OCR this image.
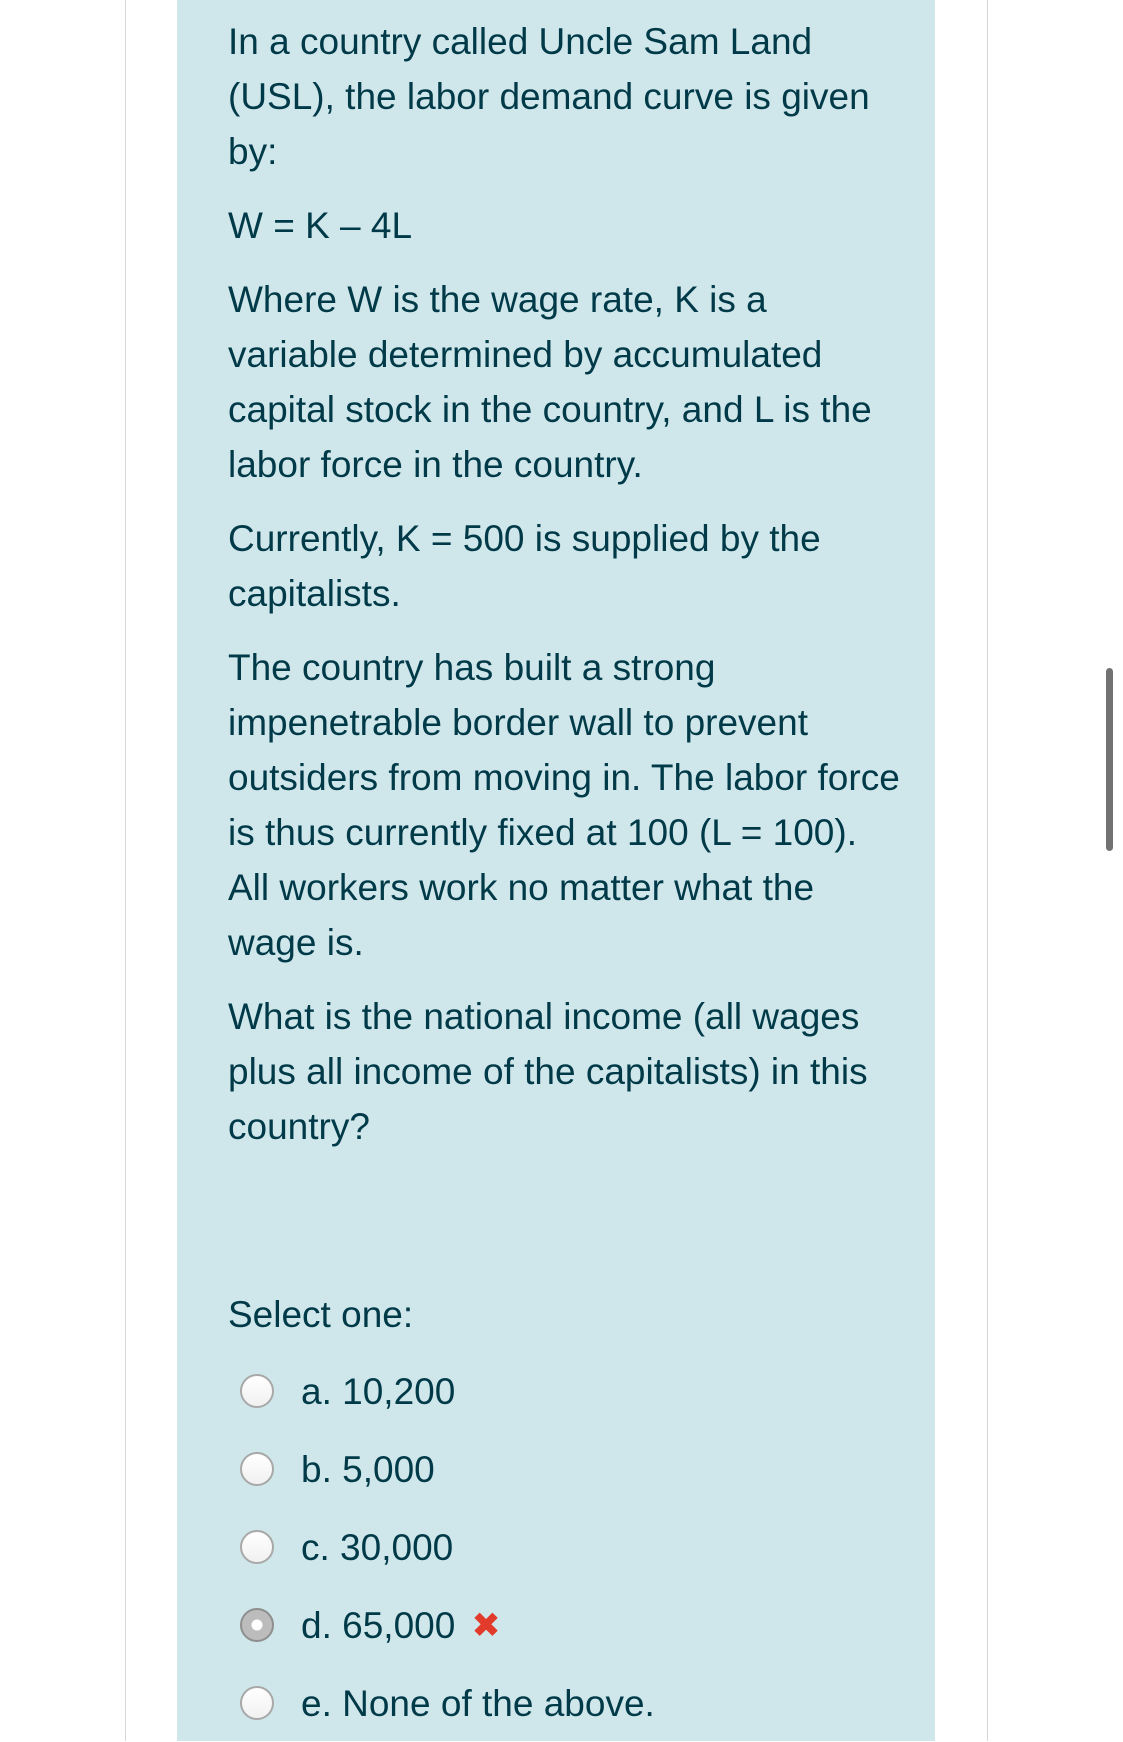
In a country called Uncle Sam Land (USL), the labor demand curve is given by:

W = K – 4L

Where W is the wage rate, K is a variable determined by accumulated capital stock in the country, and L is the labor force in the country.

Currently, K = 500 is supplied by the capitalists.

The country has built a strong impenetrable border wall to prevent outsiders from moving in. The labor force is thus currently fixed at 100 (L = 100). All workers work no matter what the wage is.

What is the national income (all wages plus all income of the capitalists) in this country?

Select one:
a. 10,200
b. 5,000
c. 30,000
d. 65,000 ✖
e. None of the above.
